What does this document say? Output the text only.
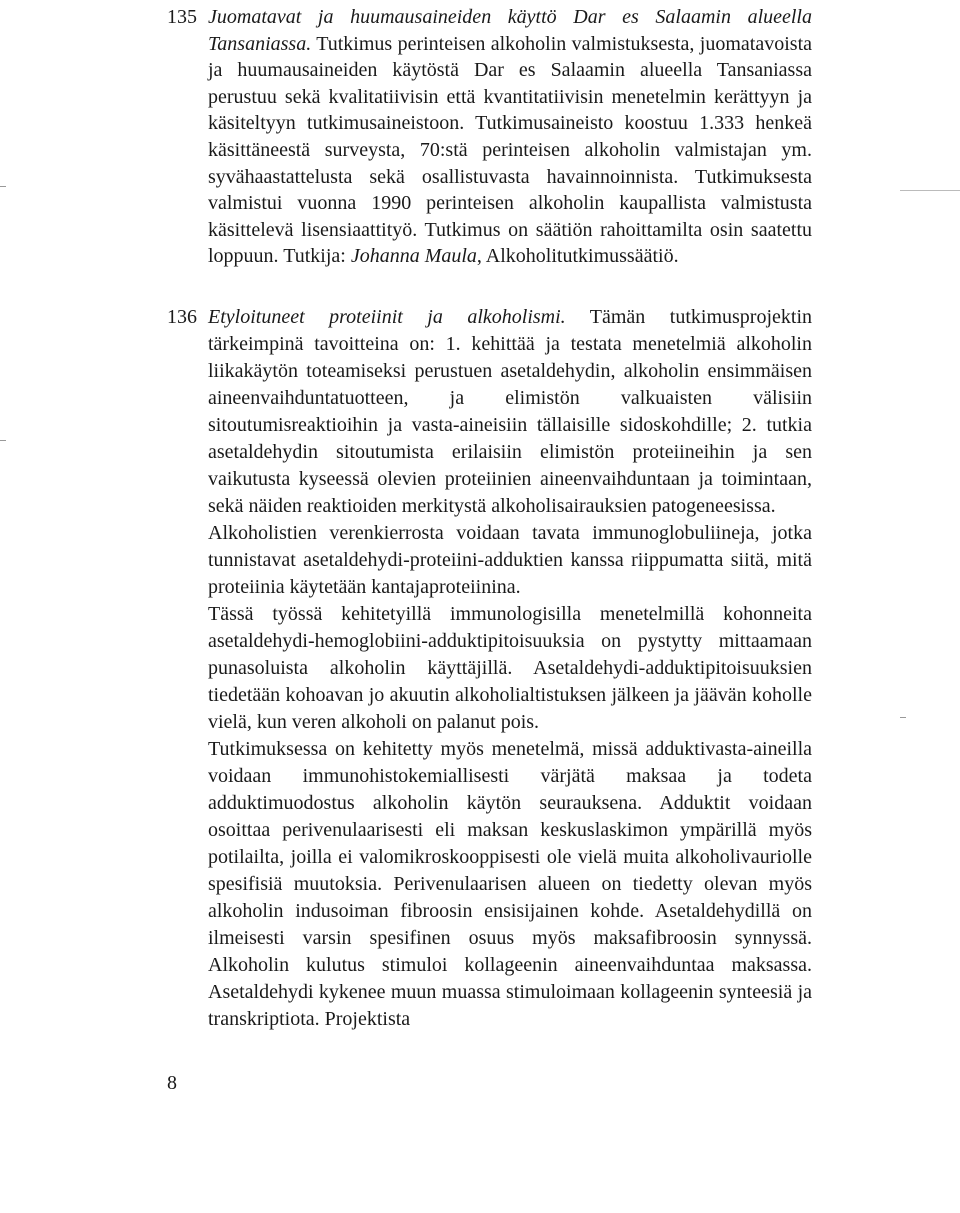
135 Juomatavat ja huumausaineiden käyttö Dar es Salaamin alueella Tansaniassa. Tutkimus perinteisen alkoholin valmistuksesta, juomatavoista ja huumausaineiden käytöstä Dar es Salaamin alueella Tansaniassa perustuu sekä kvalitatiivisin että kvantitatiivisin menetelmin kerättyyn ja käsiteltyyn tutkimusaineistoon. Tutkimusaineisto koostuu 1.333 henkeä käsittäneestä surveysta, 70:stä perinteisen alkoholin valmistajan ym. syvähaastattelusta sekä osallistuvasta havainnoinnista. Tutkimuksesta valmistui vuonna 1990 perinteisen alkoholin kaupallista valmistusta käsittelevä lisensiaattityö. Tutkimus on säätiön rahoittamilta osin saatettu loppuun. Tutkija: Johanna Maula, Alkoholitutkimussäätiö.

136 Etyloituneet proteiinit ja alkoholismi. Tämän tutkimusprojektin tärkeimpinä tavoitteina on: 1. kehittää ja testata menetelmiä alkoholin liikakäytön toteamiseksi perustuen asetaldehydin, alkoholin ensimmäisen aineenvaihduntatuotteen, ja elimistön valkuaisten välisiin sitoutumisreaktioihin ja vasta-aineisiin tällaisille sidoskohdille; 2. tutkia asetaldehydin sitoutumista erilaisiin elimistön proteiineihin ja sen vaikutusta kyseessä olevien proteiinien aineenvaihduntaan ja toimintaan, sekä näiden reaktioiden merkitystä alkoholisairauksien patogeneesissa.

Alkoholistien verenkierrosta voidaan tavata immunoglobuliineja, jotka tunnistavat asetaldehydi-proteiini-adduktien kanssa riippumatta siitä, mitä proteiinia käytetään kantajaproteiinina.

Tässä työssä kehitetyillä immunologisilla menetelmillä kohonneita asetaldehydi-hemoglobiini-adduktipitoisuuksia on pystytty mittaamaan punasoluista alkoholin käyttäjillä. Asetaldehydi-adduktipitoisuuksien tiedetään kohoavan jo akuutin alkoholialtistuksen jälkeen ja jäävän koholle vielä, kun veren alkoholi on palanut pois.

Tutkimuksessa on kehitetty myös menetelmä, missä adduktivasta-aineilla voidaan immunohistokemiallisesti värjätä maksaa ja todeta adduktimuodostus alkoholin käytön seurauksena. Adduktit voidaan osoittaa perivenulaarisesti eli maksan keskuslaskimon ympärillä myös potilailta, joilla ei valomikroskooppisesti ole vielä muita alkoholivauriolle spesifisiä muutoksia. Perivenulaarisen alueen on tiedetty olevan myös alkoholin indusoiman fibroosin ensisijainen kohde. Asetaldehydillä on ilmeisesti varsin spesifinen osuus myös maksafibroosin synnyssä. Alkoholin kulutus stimuloi kollageenin aineenvaihduntaa maksassa. Asetaldehydi kykenee muun muassa stimuloimaan kollageenin synteesiä ja transkriptiota. Projektista

8
